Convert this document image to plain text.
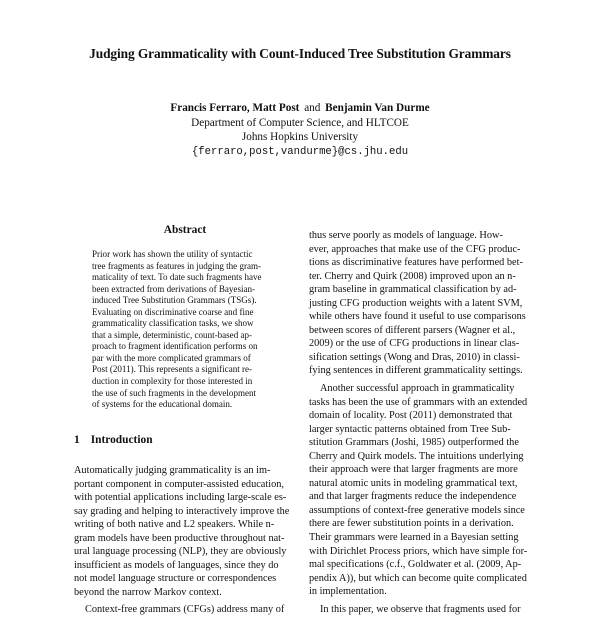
Judging Grammaticality with Count-Induced Tree Substitution Grammars
Francis Ferraro, Matt Post and Benjamin Van Durme
Department of Computer Science, and HLTCOE
Johns Hopkins University
{ferraro,post,vandurme}@cs.jhu.edu
Abstract
Prior work has shown the utility of syntactic
tree fragments as features in judging the gram-
maticality of text. To date such fragments have
been extracted from derivations of Bayesian-
induced Tree Substitution Grammars (TSGs).
Evaluating on discriminative coarse and fine
grammaticality classification tasks, we show
that a simple, deterministic, count-based ap-
proach to fragment identification performs on
par with the more complicated grammars of
Post (2011). This represents a significant re-
duction in complexity for those interested in
the use of such fragments in the development
of systems for the educational domain.
1 Introduction
Automatically judging grammaticality is an im-
portant component in computer-assisted education,
with potential applications including large-scale es-
say grading and helping to interactively improve the
writing of both native and L2 speakers. While n-
gram models have been productive throughout nat-
ural language processing (NLP), they are obviously
insufficient as models of languages, since they do
not model language structure or correspondences
beyond the narrow Markov context.
Context-free grammars (CFGs) address many of
thus serve poorly as models of language. How-
ever, approaches that make use of the CFG produc-
tions as discriminative features have performed bet-
ter. Cherry and Quirk (2008) improved upon an n-
gram baseline in grammatical classification by ad-
justing CFG production weights with a latent SVM,
while others have found it useful to use comparisons
between scores of different parsers (Wagner et al.,
2009) or the use of CFG productions in linear clas-
sification settings (Wong and Dras, 2010) in classi-
fying sentences in different grammaticality settings.
Another successful approach in grammaticality
tasks has been the use of grammars with an extended
domain of locality. Post (2011) demonstrated that
larger syntactic patterns obtained from Tree Sub-
stitution Grammars (Joshi, 1985) outperformed the
Cherry and Quirk models. The intuitions underlying
their approach were that larger fragments are more
natural atomic units in modeling grammatical text,
and that larger fragments reduce the independence
assumptions of context-free generative models since
there are fewer substitution points in a derivation.
Their grammars were learned in a Bayesian setting
with Dirichlet Process priors, which have simple for-
mal specifications (c.f., Goldwater et al. (2009, Ap-
pendix A)), but which can become quite complicated
in implementation.
In this paper, we observe that fragments used for
